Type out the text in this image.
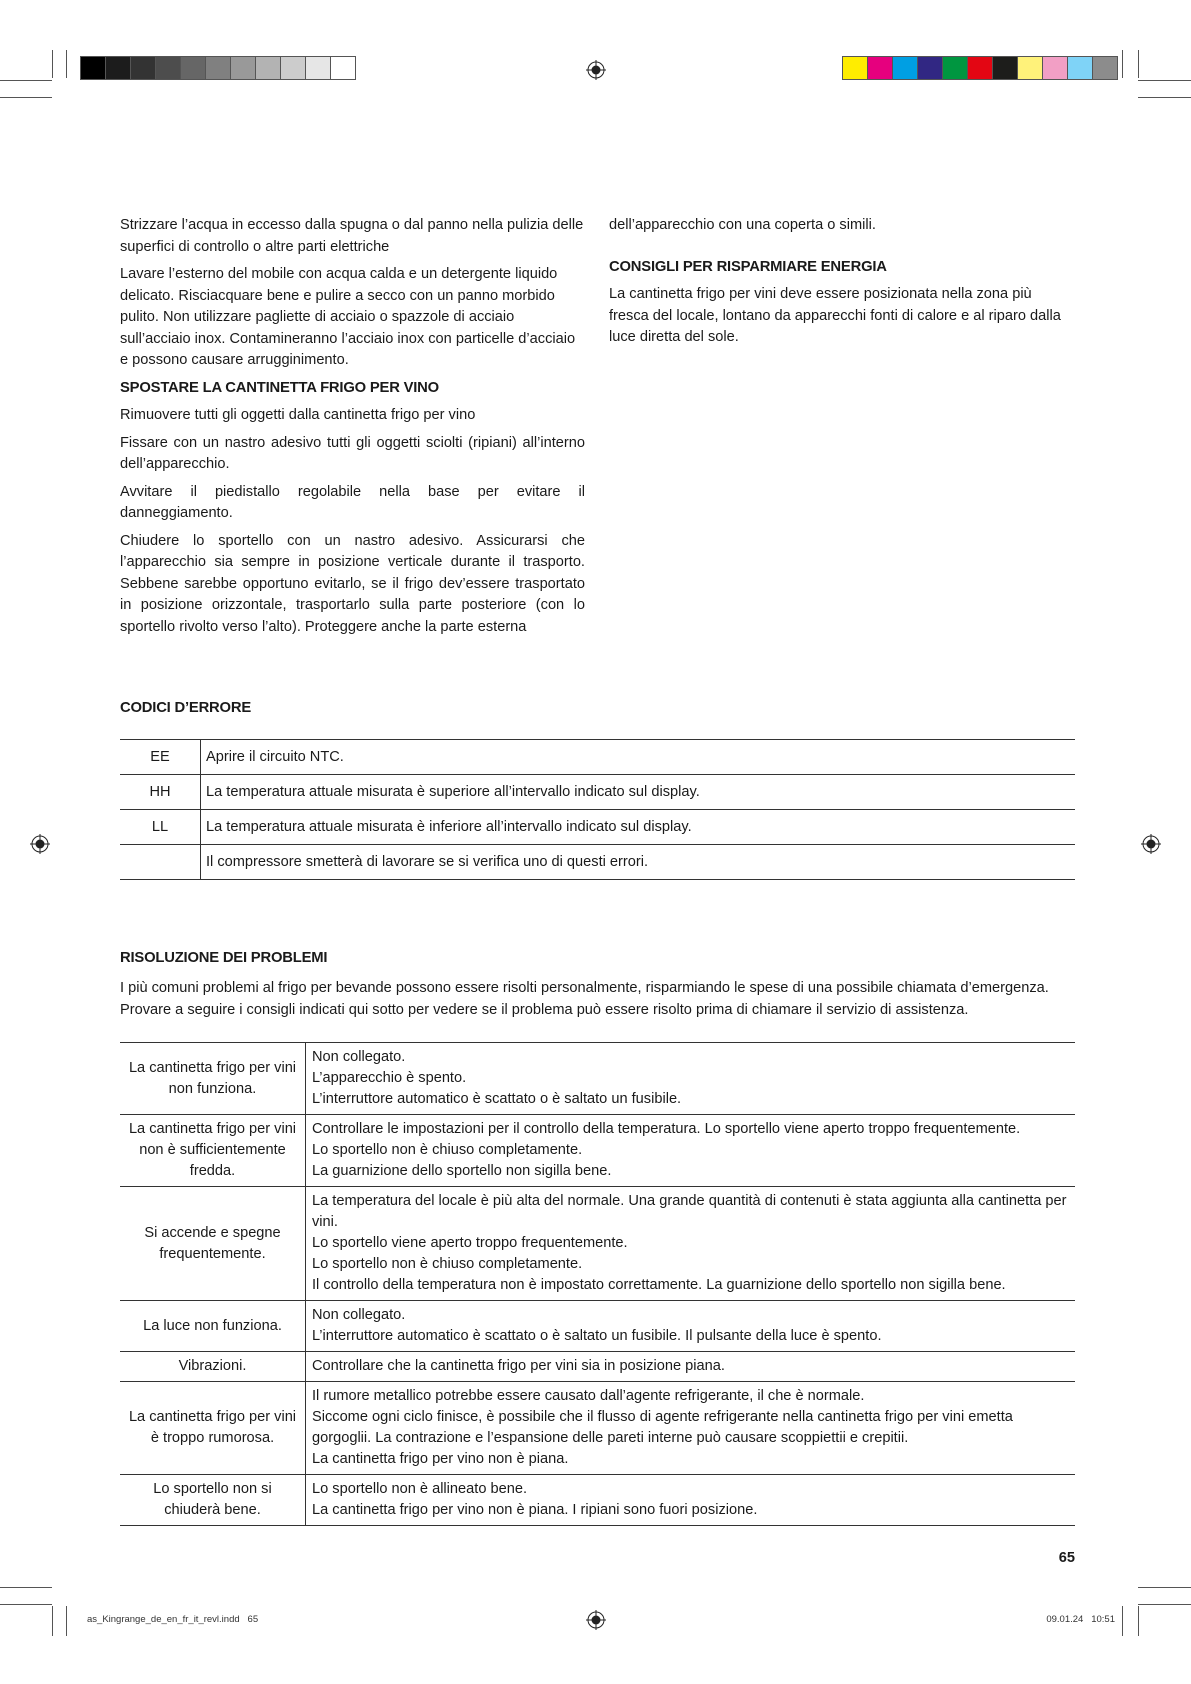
Strizzare l’acqua in eccesso dalla spugna o dal panno nella pulizia delle superfici di controllo o altre parti elettriche

Lavare l’esterno del mobile con acqua calda e un detergente liquido delicato. Risciacquare bene e pulire a secco con un panno morbido pulito. Non utilizzare pagliette di acciaio o spazzole di acciaio sull’acciaio inox. Contamineranno l’acciaio inox con particelle d’acciaio e possono causare arrugginimento.

SPOSTARE LA CANTINETTA FRIGO PER VINO

Rimuovere tutti gli oggetti dalla cantinetta frigo per vino

Fissare con un nastro adesivo tutti gli oggetti sciolti (ripiani) all’interno dell’apparecchio.

Avvitare il piedistallo regolabile nella base per evitare il danneggiamento.

Chiudere lo sportello con un nastro adesivo. Assicurarsi che l’apparecchio sia sempre in posizione verticale durante il trasporto. Sebbene sarebbe opportuno evitarlo, se il frigo dev’essere trasportato in posizione orizzontale, trasportarlo sulla parte posteriore (con lo sportello rivolto verso l’alto). Proteggere anche la parte esterna

dell’apparecchio con una coperta o simili.

CONSIGLI PER RISPARMIARE ENERGIA

La cantinetta frigo per vini deve essere posizionata nella zona più fresca del locale, lontano da apparecchi fonti di calore e al riparo dalla luce diretta del sole.

CODICI D’ERRORE
EE	Aprire il circuito NTC.
HH	La temperatura attuale misurata è superiore all’intervallo indicato sul display.
LL	La temperatura attuale misurata è inferiore all’intervallo indicato sul display.
	Il compressore smetterà di lavorare se si verifica uno di questi errori.
RISOLUZIONE DEI PROBLEMI

I più comuni problemi al frigo per bevande possono essere risolti personalmente, risparmiando le spese di una possibile chiamata d’emergenza. Provare a seguire i consigli indicati qui sotto per vedere se il problema può essere risolto prima di chiamare il servizio di assistenza.

La cantinetta frigo per vini non funziona.	Non collegato.
L’apparecchio è spento.
L’interruttore automatico è scattato o è saltato un fusibile.

La cantinetta frigo per vini non è sufficientemente fredda.	Controllare le impostazioni per il controllo della temperatura. Lo sportello viene aperto troppo frequentemente.
Lo sportello non è chiuso completamente.
La guarnizione dello sportello non sigilla bene.

Si accende e spegne frequentemente.	La temperatura del locale è più alta del normale. Una grande quantità di contenuti è stata aggiunta alla cantinetta per vini.
Lo sportello viene aperto troppo frequentemente.
Lo sportello non è chiuso completamente.
Il controllo della temperatura non è impostato correttamente. La guarnizione dello sportello non sigilla bene.

La luce non funziona.	Non collegato.
L’interruttore automatico è scattato o è saltato un fusibile. Il pulsante della luce è spento.

Vibrazioni.	Controllare che la cantinetta frigo per vini sia in posizione piana.

La cantinetta frigo per vini è troppo rumorosa.	Il rumore metallico potrebbe essere causato dall’agente refrigerante, il che è normale.
Siccome ogni ciclo finisce, è possibile che il flusso di agente refrigerante nella cantinetta frigo per vini emetta gorgoglii. La contrazione e l’espansione delle pareti interne può causare scoppiettii e crepitii.
La cantinetta frigo per vino non è piana.

Lo sportello non si chiuderà bene.	Lo sportello non è allineato bene.
La cantinetta frigo per vino non è piana. I ripiani sono fuori posizione.
65
as_Kingrange_de_en_fr_it_revl.indd   65	09.01.24   10:51
